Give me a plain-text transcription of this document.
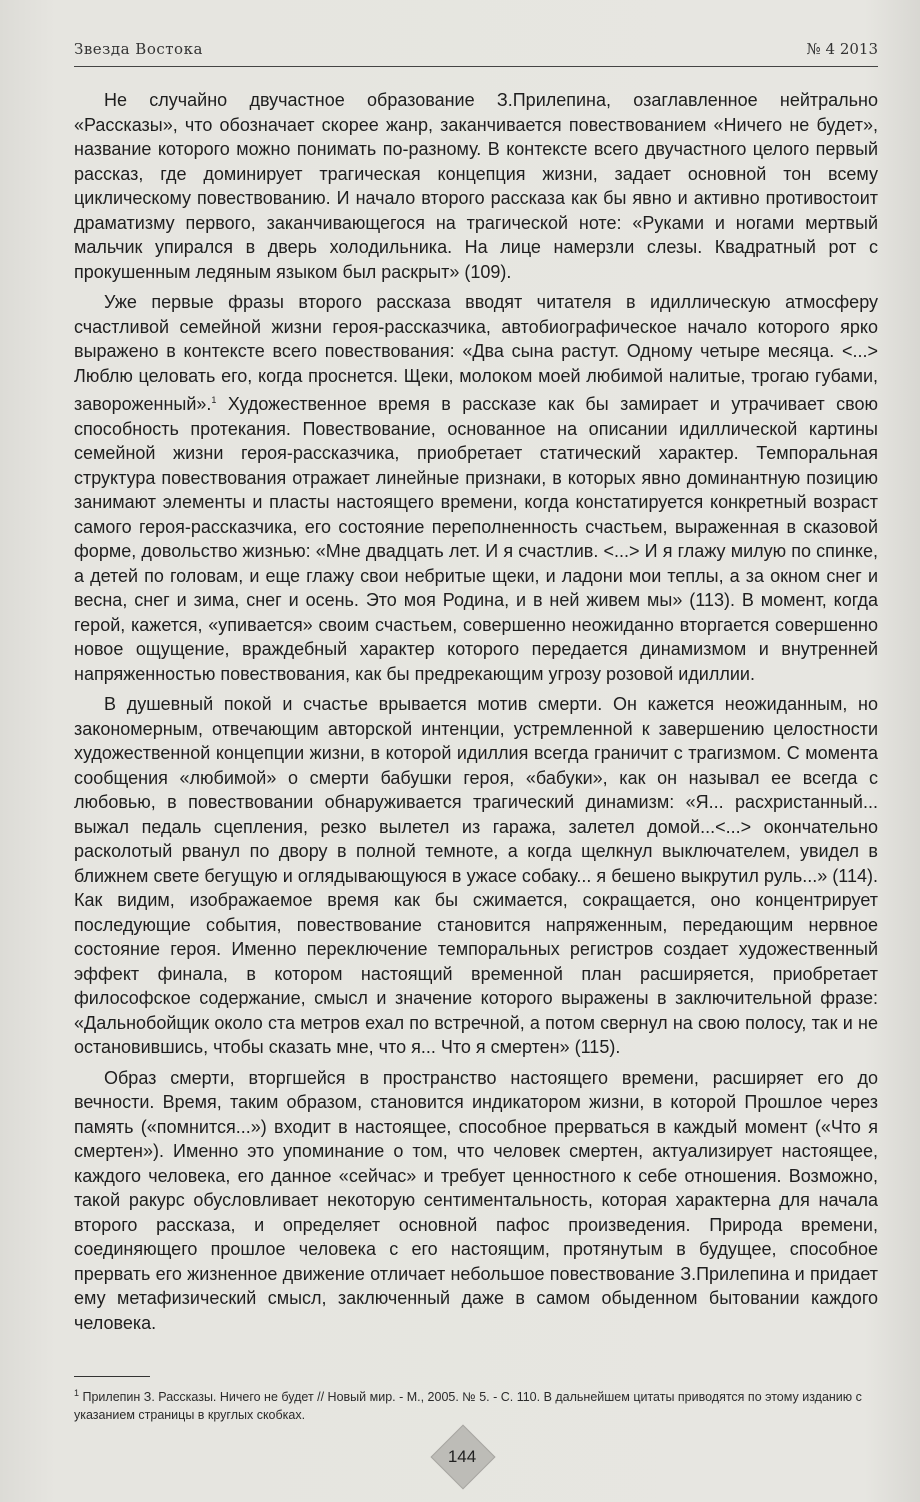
Звезда Востока	№ 4 2013

Не случайно двучастное образование З.Прилепина, озаглавленное нейтрально «Рассказы», что обозначает скорее жанр, заканчивается повествованием «Ничего не будет», название которого можно понимать по-разному. В контексте всего двучастного целого первый рассказ, где доминирует трагическая концепция жизни, задает основной тон всему циклическому повествованию. И начало второго рассказа как бы явно и активно противостоит драматизму первого, заканчивающегося на трагической ноте: «Руками и ногами мертвый мальчик упирался в дверь холодильника. На лице намерзли слезы. Квадратный рот с прокушенным ледяным языком был раскрыт» (109).

Уже первые фразы второго рассказа вводят читателя в идиллическую атмосферу счастливой семейной жизни героя-рассказчика, автобиографическое начало которого ярко выражено в контексте всего повествования: «Два сына растут. Одному четыре месяца. <...> Люблю целовать его, когда проснется. Щеки, молоком моей любимой налитые, трогаю губами, завороженный».$^1$ Художественное время в рассказе как бы замирает и утрачивает свою способность протекания. Повествование, основанное на описании идиллической картины семейной жизни героя-рассказчика, приобретает статический характер. Темпоральная структура повествования отражает линейные признаки, в которых явно доминантную позицию занимают элементы и пласты настоящего времени, когда констатируется конкретный возраст самого героя-рассказчика, его состояние переполненность счастьем, выраженная в сказовой форме, довольство жизнью: «Мне двадцать лет. И я счастлив. <...> И я глажу милую по спинке, а детей по головам, и еще глажу свои небритые щеки, и ладони мои теплы, а за окном снег и весна, снег и зима, снег и осень. Это моя Родина, и в ней живем мы» (113). В момент, когда герой, кажется, «упивается» своим счастьем, совершенно неожиданно вторгается совершенно новое ощущение, враждебный характер которого передается динамизмом и внутренней напряженностью повествования, как бы предрекающим угрозу розовой идиллии.

В душевный покой и счастье врывается мотив смерти. Он кажется неожиданным, но закономерным, отвечающим авторской интенции, устремленной к завершению целостности художественной концепции жизни, в которой идиллия всегда граничит с трагизмом. С момента сообщения «любимой» о смерти бабушки героя, «бабуки», как он называл ее всегда с любовью, в повествовании обнаруживается трагический динамизм: «Я... расхристанный... выжал педаль сцепления, резко вылетел из гаража, залетел домой...<...> окончательно расколотый рванул по двору в полной темноте, а когда щелкнул выключателем, увидел в ближнем свете бегущую и оглядывающуюся в ужасе собаку... я бешено выкрутил руль...» (114). Как видим, изображаемое время как бы сжимается, сокращается, оно концентрирует последующие события, повествование становится напряженным, передающим нервное состояние героя. Именно переключение темпоральных регистров создает художественный эффект финала, в котором настоящий временной план расширяется, приобретает философское содержание, смысл и значение которого выражены в заключительной фразе: «Дальнобойщик около ста метров ехал по встречной, а потом свернул на свою полосу, так и не остановившись, чтобы сказать мне, что я... Что я смертен» (115).

Образ смерти, вторгшейся в пространство настоящего времени, расширяет его до вечности. Время, таким образом, становится индикатором жизни, в которой Прошлое через память («помнится...») входит в настоящее, способное прерваться в каждый момент («Что я смертен»). Именно это упоминание о том, что человек смертен, актуализирует настоящее, каждого человека, его данное «сейчас» и требует ценностного к себе отношения. Возможно, такой ракурс обусловливает некоторую сентиментальность, которая характерна для начала второго рассказа, и определяет основной пафос произведения. Природа времени, соединяющего прошлое человека с его настоящим, протянутым в будущее, способное прервать его жизненное движение отличает небольшое повествование З.Прилепина и придает ему метафизический смысл, заключенный даже в самом обыденном бытовании каждого человека.

$^1$ Прилепин З. Рассказы. Ничего не будет // Новый мир. - М., 2005. № 5. - С. 110. В дальнейшем цитаты приводятся по этому изданию с указанием страницы в круглых скобках.
144
